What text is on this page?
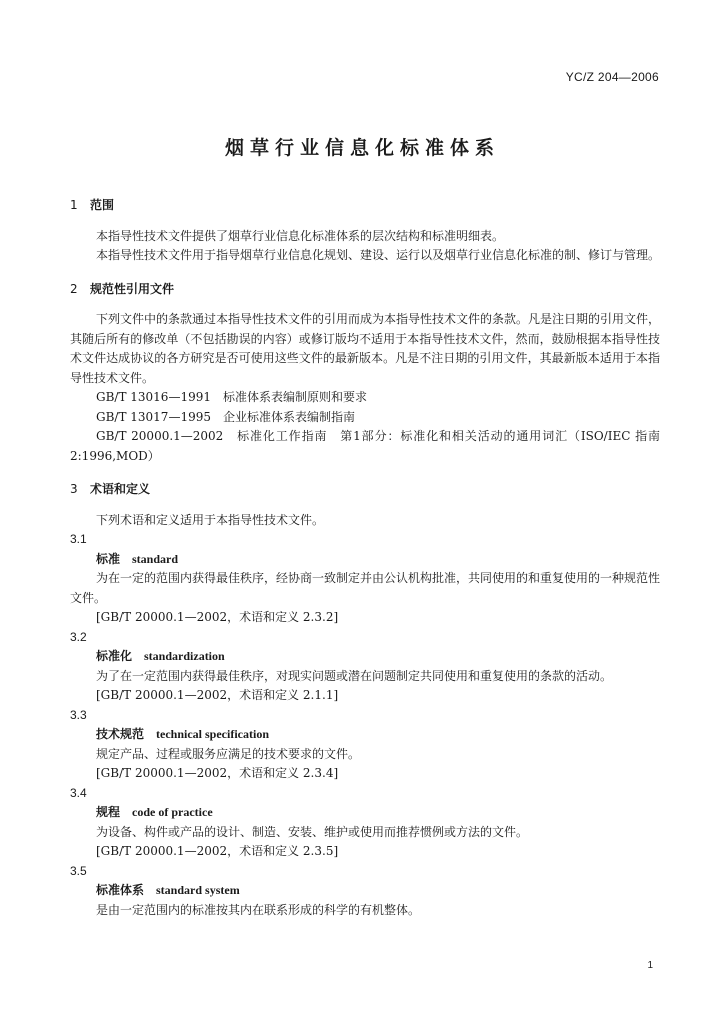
YC/Z 204—2006
烟草行业信息化标准体系
1 范围

本指导性技术文件提供了烟草行业信息化标准体系的层次结构和标准明细表。

本指导性技术文件用于指导烟草行业信息化规划、建设、运行以及烟草行业信息化标准的制、修订与管理。

2 规范性引用文件

下列文件中的条款通过本指导性技术文件的引用而成为本指导性技术文件的条款。凡是注日期的引用文件，其随后所有的修改单（不包括勘误的内容）或修订版均不适用于本指导性技术文件，然而，鼓励根据本指导性技术文件达成协议的各方研究是否可使用这些文件的最新版本。凡是不注日期的引用文件，其最新版本适用于本指导性技术文件。

GB/T 13016—1991　标准体系表编制原则和要求

GB/T 13017—1995　企业标准体系表编制指南

GB/T 20000.1—2002　标准化工作指南　第1部分：标准化和相关活动的通用词汇（ISO/IEC 指南 2:1996,MOD）

3 术语和定义

下列术语和定义适用于本指导性技术文件。

3.1
标准 standard

为在一定的范围内获得最佳秩序，经协商一致制定并由公认机构批准，共同使用的和重复使用的一种规范性文件。

[GB/T 20000.1—2002，术语和定义 2.3.2]

3.2
标准化 standardization

为了在一定范围内获得最佳秩序，对现实问题或潜在问题制定共同使用和重复使用的条款的活动。

[GB/T 20000.1—2002，术语和定义 2.1.1]

3.3
技术规范 technical specification

规定产品、过程或服务应满足的技术要求的文件。

[GB/T 20000.1—2002，术语和定义 2.3.4]

3.4
规程 code of practice

为设备、构件或产品的设计、制造、安装、维护或使用而推荐惯例或方法的文件。

[GB/T 20000.1—2002，术语和定义 2.3.5]

3.5
标准体系 standard system

是由一定范围内的标准按其内在联系形成的科学的有机整体。

1
